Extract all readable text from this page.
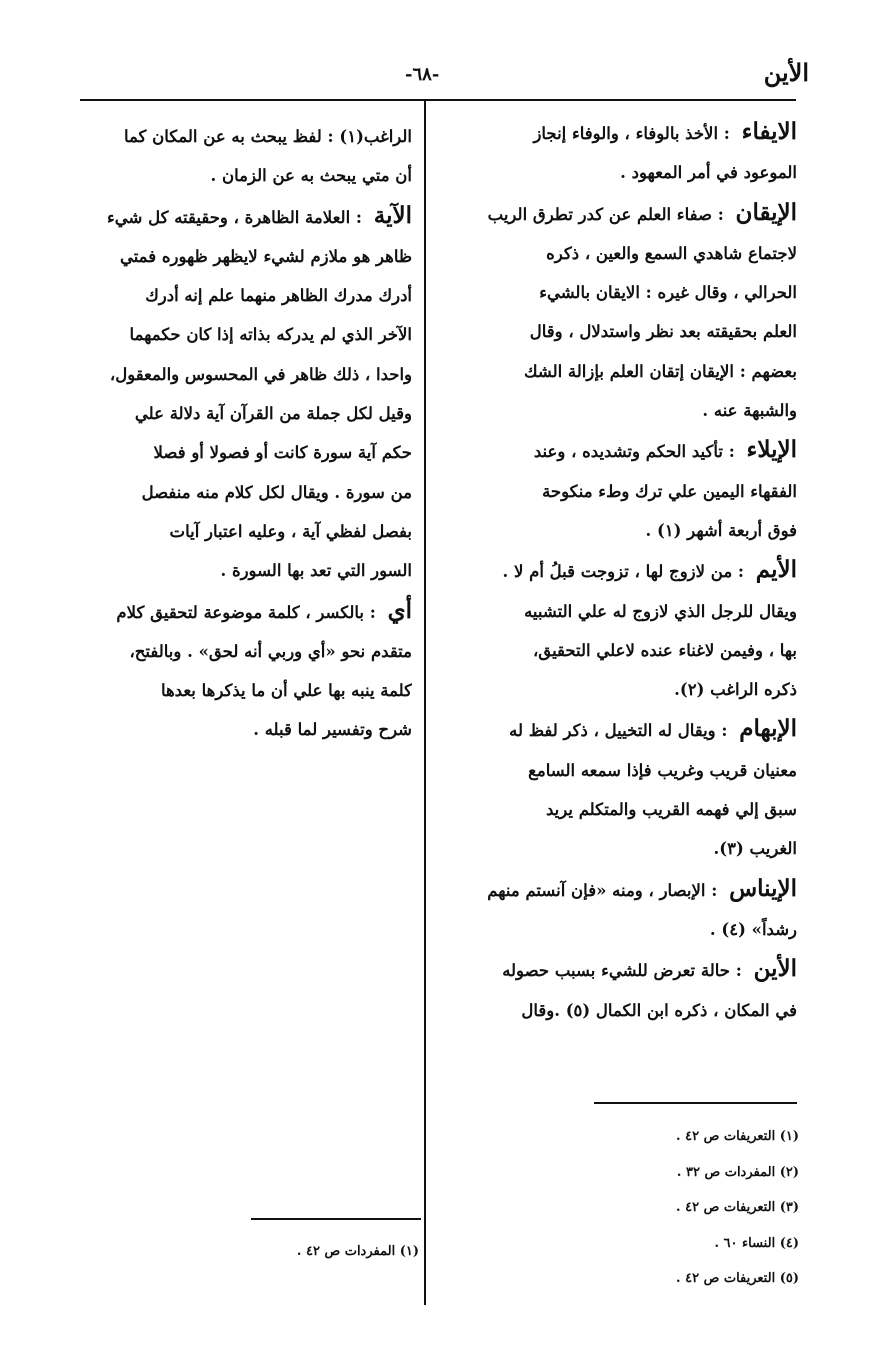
الأين
-٦٨-
الايفاء : الأخذ بالوفاء ، والوفاء إنجاز
الموعود في أمر المعهود .
الإيقان : صفاء العلم عن كدر تطرق الريب
لاجتماع شاهدي السمع والعين ، ذكره
الحرالي ، وقال غيره : الايقان بالشيء
العلم بحقيقته بعد نظر واستدلال ، وقال
بعضهم : الإيقان إتقان العلم بإزالة الشك
والشبهة عنه .
الإيلاء : تأكيد الحكم وتشديده ، وعند
الفقهاء اليمين علي ترك وطء منكوحة
فوق أربعة أشهر (١) .
الأيم : من لازوج لها ، تزوجت قبلُ أم لا .
ويقال للرجل الذي لازوج له علي التشبيه
بها ، وفيمن لاغناء عنده لاعلي التحقيق،
ذكره الراغب (٢).
الإبهام : ويقال له التخييل ، ذكر لفظ له
معنيان قريب وغريب فإذا سمعه السامع
سبق إلي فهمه القريب والمتكلم يريد
الغريب (٣).
الإيناس : الإبصار ، ومنه «فإن آنستم منهم
رشداً» (٤) .
الأين : حالة تعرض للشيء بسبب حصوله
في المكان ، ذكره ابن الكمال (٥) .وقال
الراغب(١) : لفظ يبحث به عن المكان كما
أن متي يبحث به عن الزمان .
الآية : العلامة الظاهرة ، وحقيقته كل شيء
ظاهر هو ملازم لشيء لايظهر ظهوره فمتي
أدرك مدرك الظاهر منهما علم إنه أدرك
الآخر الذي لم يدركه بذاته إذا كان حكمهما
واحدا ، ذلك ظاهر في المحسوس والمعقول،
وقيل لكل جملة من القرآن آية دلالة علي
حكم آية سورة كانت أو فصولا أو فصلا
من سورة . ويقال لكل كلام منه منفصل
بفصل لفظي آية ، وعليه اعتبار آيات
السور التي تعد بها السورة .
أي : بالكسر ، كلمة موضوعة لتحقيق كلام
متقدم نحو «أي وربي أنه لحق» . وبالفتح،
كلمة ينبه بها علي أن ما يذكرها بعدها
شرح وتفسير لما قبله .
(١) التعريفات ص ٤٢ .
(٢) المفردات ص ٣٢ .
(٣) التعريفات ص ٤٢ .
(٤) النساء ٦٠ .
(٥) التعريفات ص ٤٢ .
(١) المفردات ص ٤٢ .
